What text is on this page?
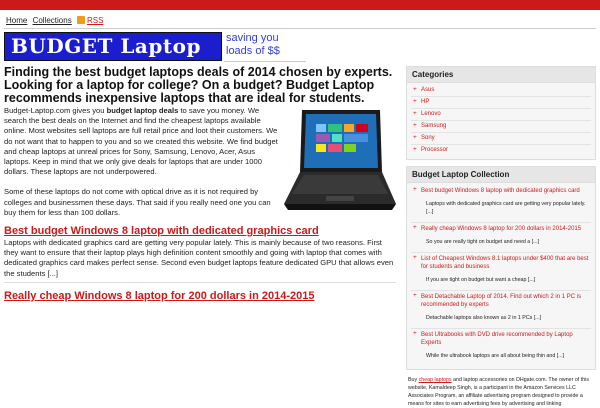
Home Collections RSS
BUDGET Laptop	saving you loads of $$
Finding the best budget laptops deals of 2014 chosen by experts. Looking for a laptop for college? On a budget? Budget Laptop recommends inexpensive laptops that are ideal for students.

Budget-Laptop.com gives you budget laptop deals
to save you money. We search the best deals on the Internet and find the cheapest laptops available online. Most websites sell laptops are full retail price and loot their customers. We do not want that to happen to you and so we created this website. We find budget and cheap laptops at unreal prices for Sony, Samsung, Lenovo, Acer, Asus laptops. Keep in mind that we only give deals for laptops that are under 1000 dollars. These laptops are not underpowered.

Some of these laptops do not come with optical drive as it is not required by colleges and businessmen these days. That said if you really need one you can buy them for less than 100 dollars.

Best budget Windows 8 laptop with dedicated graphics card

Laptops with dedicated graphics card are getting very popular lately. This is mainly because of two reasons. First they want to ensure that their laptop plays high definition content smoothly and going with laptop that comes with dedicated graphics card makes perfect sense. Second even budget laptops feature dedicated GPU that allows even the students [...]

Really cheap Windows 8 laptop for 200 dollars in 2014-2015
Categories
+ Asus
+ HP
+ Lenovo
+ Samsung
+ Sony
+ Processor
Budget Laptop Collection
+ Best budget Windows 8 laptop with dedicated graphics card
Laptops with dedicated graphics card are getting very popular lately. [...]
+ Really cheap Windows 8 laptop for 200 dollars in 2014-2015
So you are really tight on budget and need a [...]
+ List of Cheapest Windows 8.1 laptops under $400 that are best for students and business
If you are tight on budget but want a cheap [...]
+ Best Detachable Laptop of 2014. Find out which 2 in 1 PC is recommended by experts
Detachable laptops also known as 2 in 1 PCs [...]
+ Best Ultrabooks with DVD drive recommended by Laptop Experts
While the ultrabook laptops are all about being thin and [...]
Buy cheap laptops and laptop accessories on DHgate.com. The owner of this website, Kamaldeep Singh, is a participant in the Amazon Services LLC Associates Program, an affiliate advertising program designed to provide a means for sites to earn advertising fees by advertising and linking
